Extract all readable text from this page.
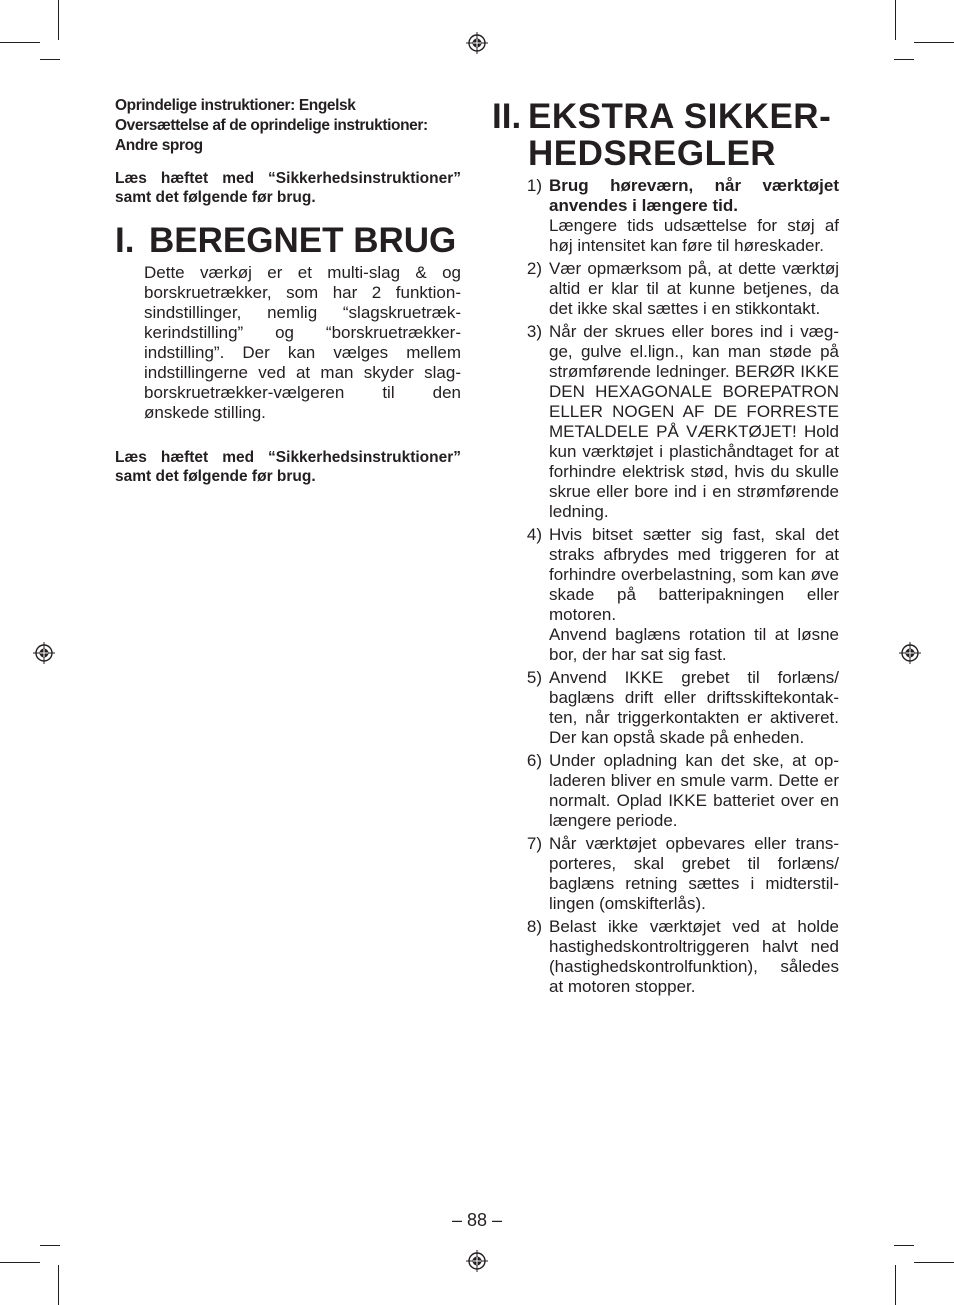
Oprindelige instruktioner: Engelsk
Oversættelse af de oprindelige instruktioner:
Andre sprog
Læs hæftet med “Sikkerhedsinstruktioner” samt det følgende før brug.
I. BEREGNET BRUG
Dette værkøj er et multi-slag & og borskruetrækker, som har 2 funktionsindstillinger, nemlig “slagskruetrækkerindstilling” og “borskruetrækkerindstilling”. Der kan vælges mellem indstillingerne ved at man skyder slag-borskruetrækker-vælgeren til den ønskede stilling.
Læs hæftet med “Sikkerhedsinstruktioner” samt det følgende før brug.
II. EKSTRA SIKKERHEDSREGLER
1) Brug høreværn, når værktøjet anvendes i længere tid.

Længere tids udsættelse for støj af høj intensitet kan føre til høreskader.

2) Vær opmærksom på, at dette værktøj altid er klar til at kunne betjenes, da det ikke skal sættes i en stikkontakt.

3) Når der skrues eller bores ind i vægge, gulve el.lign., kan man støde på strømførende ledninger. BERØR IKKE DEN HEXAGONALE BOREPATRON ELLER NOGEN AF DE FORRESTE METALDELE PÅ VÆRKTØJET! Hold kun værktøjet i plastichåndtaget for at forhindre elektrisk stød, hvis du skulle skrue eller bore ind i en strømførende ledning.

4) Hvis bitset sætter sig fast, skal det straks afbrydes med triggeren for at forhindre overbelastning, som kan øve skade på batteripakningen eller motoren.

Anvend baglæns rotation til at løsne bor, der har sat sig fast.

5) Anvend IKKE grebet til forlæns/ baglæns drift eller driftsskiftekontakten, når triggerkontakten er aktiveret. Der kan opstå skade på enheden.

6) Under opladning kan det ske, at opladeren bliver en smule varm. Dette er normalt. Oplad IKKE batteriet over en længere periode.

7) Når værktøjet opbevares eller transporteres, skal grebet til forlæns/ baglæns retning sættes i midterstillingen (omskifterlås).

8) Belast ikke værktøjet ved at holde hastighedskontroltriggeren halvt ned (hastighedskontrolfunktion), således at motoren stopper.

– 88 –
